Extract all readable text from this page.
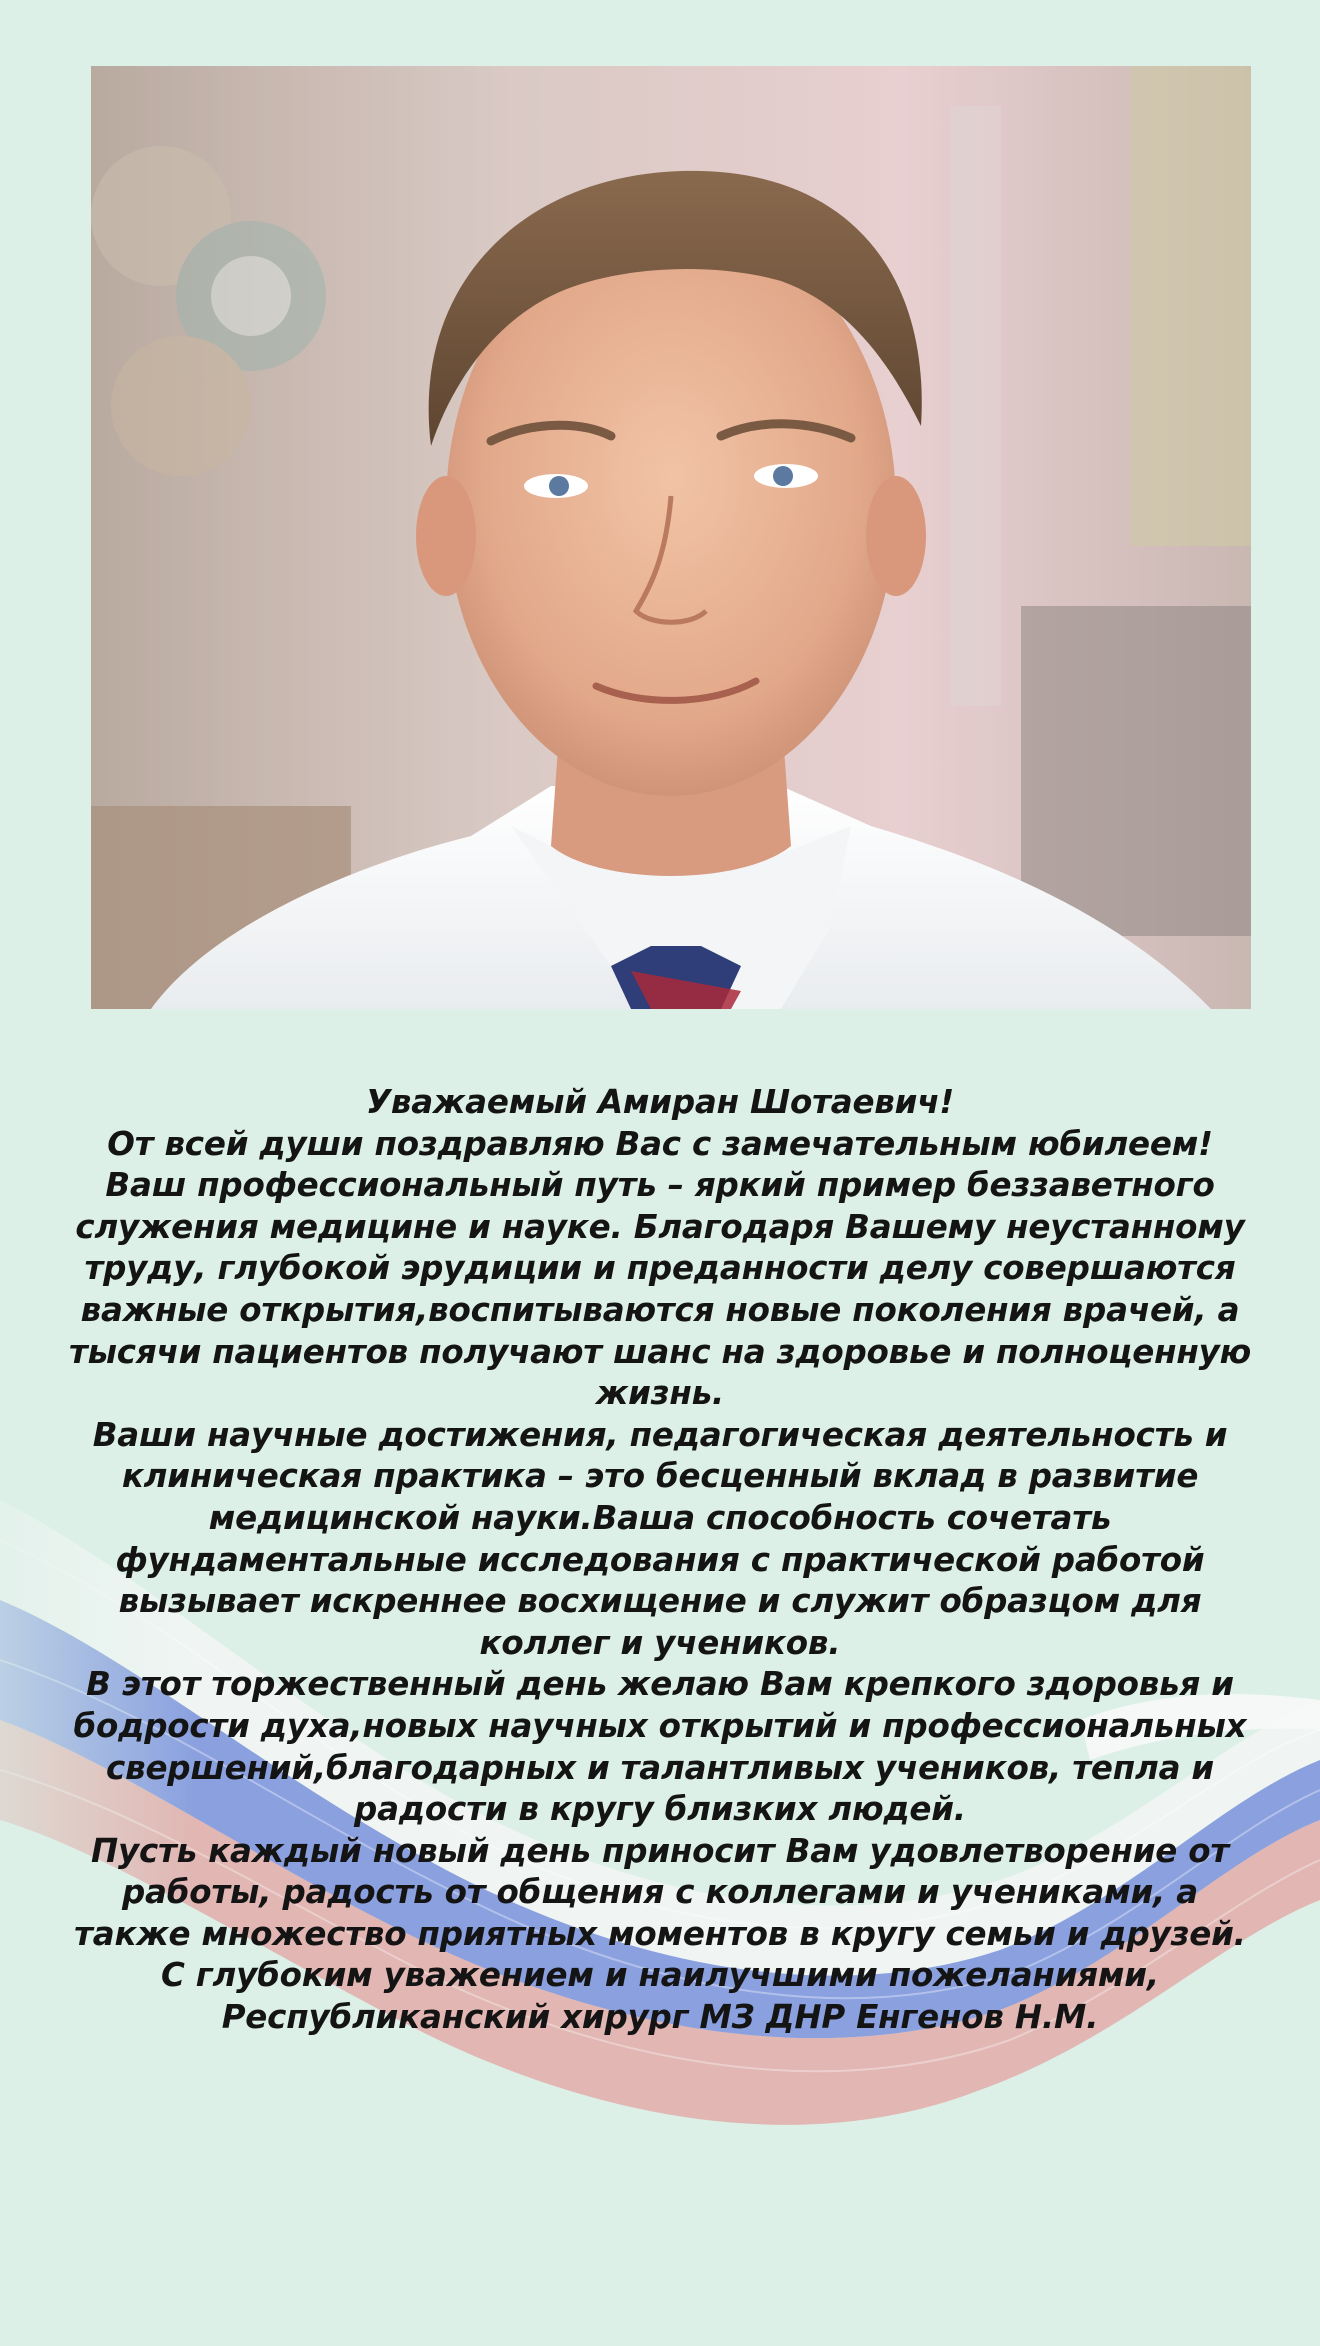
Уважаемый Амиран Шотаевич!

От всей души поздравляю Вас с замечательным юбилеем!

Ваш профессиональный путь – яркий пример беззаветного служения медицине и науке. Благодаря Вашему неустанному труду, глубокой эрудиции и преданности делу совершаются важные открытия,воспитываются новые поколения врачей, а тысячи пациентов получают шанс на здоровье и полноценную жизнь.

Ваши научные достижения, педагогическая деятельность и клиническая практика – это бесценный вклад в развитие медицинской науки.Ваша способность сочетать фундаментальные исследования с практической работой вызывает искреннее восхищение и служит образцом для коллег и учеников.

В этот торжественный день желаю Вам крепкого здоровья и бодрости духа,новых научных открытий и профессиональных свершений,благодарных и талантливых учеников, тепла и радости в кругу близких людей.

Пусть каждый новый день приносит Вам удовлетворение от работы, радость от общения с коллегами и учениками, а также множество приятных моментов в кругу семьи и друзей.

С глубоким уважением и наилучшими пожеланиями,

Республиканский хирург МЗ ДНР Енгенов Н.М.
